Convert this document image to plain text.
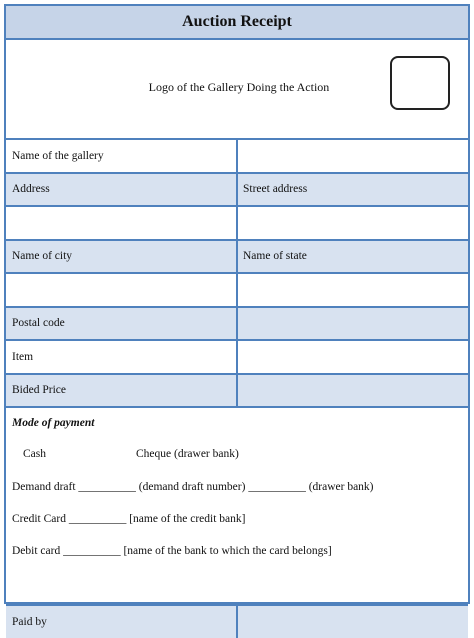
Auction Receipt
Logo of the Gallery Doing the Action
Name of the gallery
Address	Street address
Name of city	Name of state
Postal code
Item
Bided Price
Mode of payment
Cash	Cheque (drawer bank)
Demand draft __________ (demand draft number) __________ (drawer bank)
Credit Card __________ [name of the credit bank]
Debit card __________ [name of the bank to which the card belongs]
Paid by
